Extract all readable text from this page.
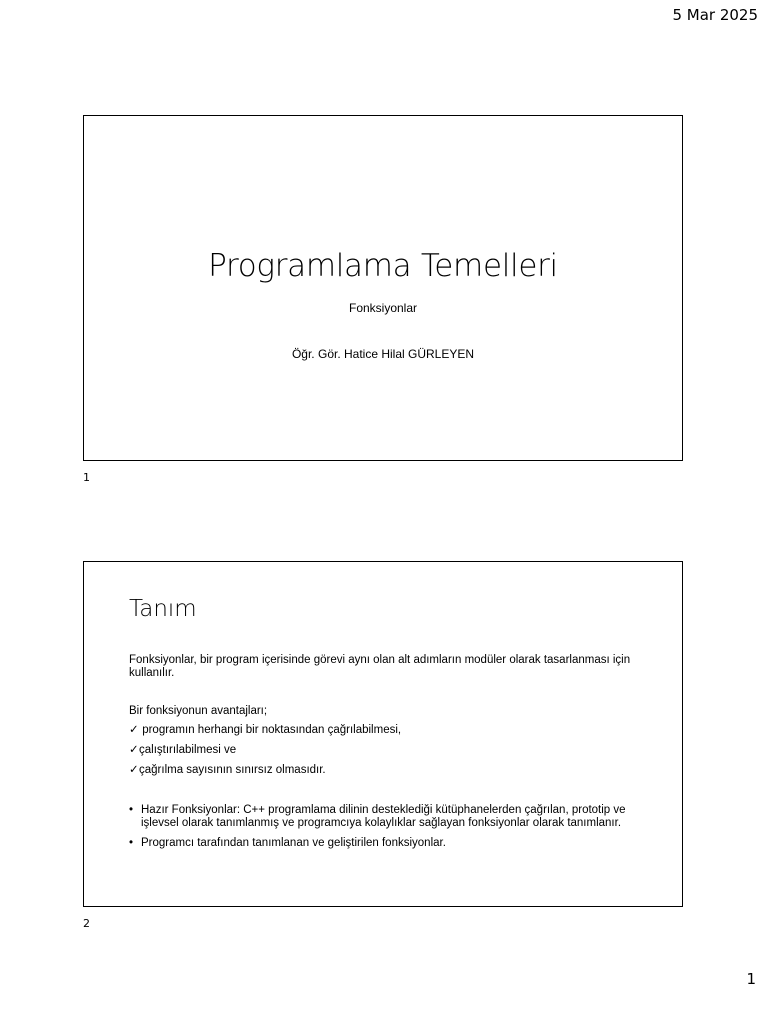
5 Mar 2025
Programlama Temelleri
Fonksiyonlar
Öğr. Gör. Hatice Hilal GÜRLEYEN
1
Tanım

Fonksiyonlar, bir program içerisinde görevi aynı olan alt adımların modüler olarak tasarlanması için kullanılır.

Bir fonksiyonun avantajları;

✓ programın herhangi bir noktasından çağrılabilmesi,
✓çalıştırılabilmesi ve
✓çağrılma sayısının sınırsız olmasıdır.
• Hazır Fonksiyonlar: C++ programlama dilinin desteklediği kütüphanelerden çağrılan, prototip ve işlevsel olarak tanımlanmış ve programcıya kolaylıklar sağlayan fonksiyonlar olarak tanımlanır.
• Programcı tarafından tanımlanan ve geliştirilen fonksiyonlar.
2
1
